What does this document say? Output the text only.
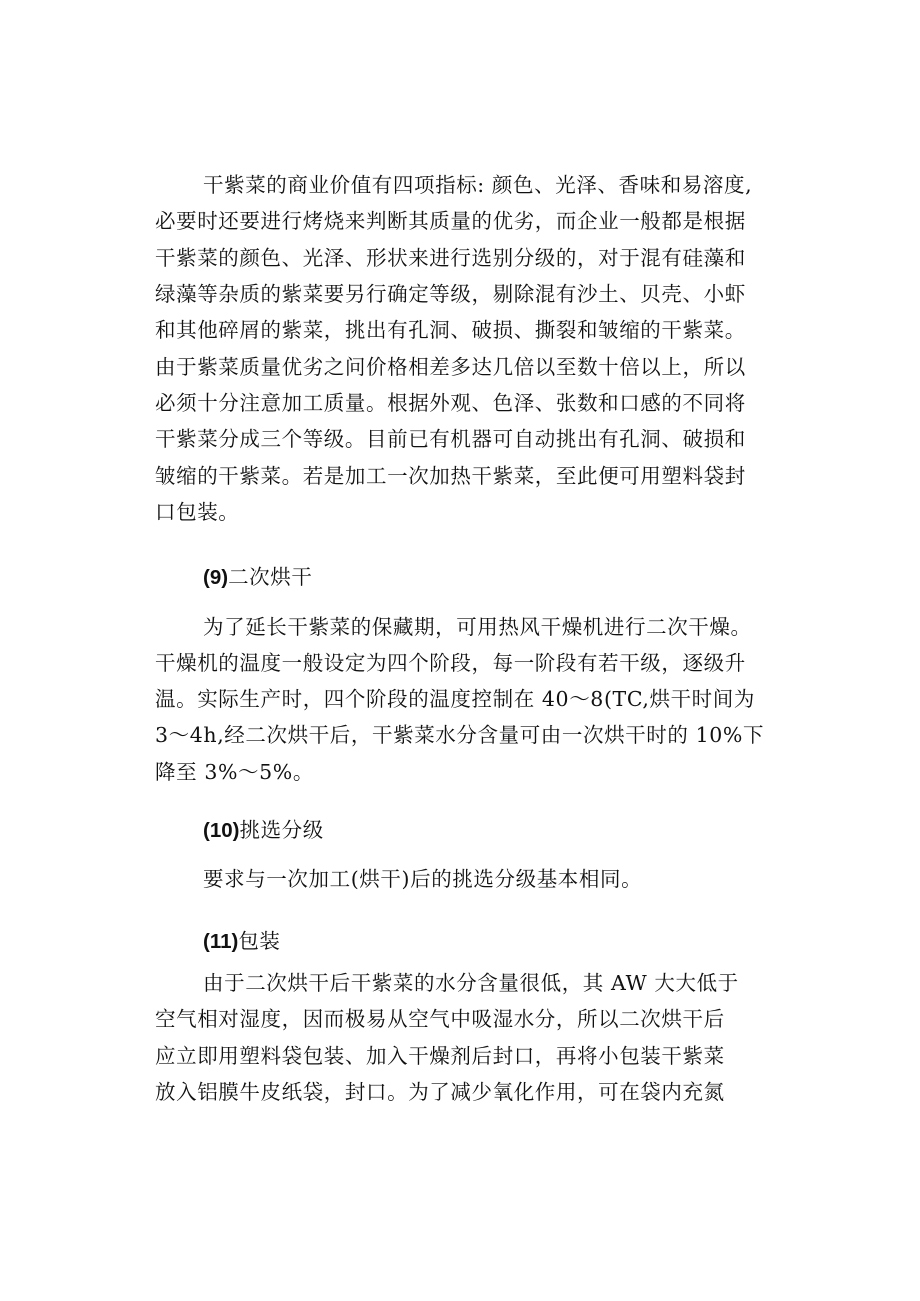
干紫菜的商业价值有四项指标: 颜色、光泽、香味和易溶度,
必要时还要进行烤烧来判断其质量的优劣，而企业一般都是根据
干紫菜的颜色、光泽、形状来进行选别分级的，对于混有硅藻和
绿藻等杂质的紫菜要另行确定等级，剔除混有沙土、贝壳、小虾
和其他碎屑的紫菜，挑出有孔洞、破损、撕裂和皱缩的干紫菜。
由于紫菜质量优劣之问价格相差多达几倍以至数十倍以上，所以
必须十分注意加工质量。根据外观、色泽、张数和口感的不同将
干紫菜分成三个等级。目前已有机器可自动挑出有孔洞、破损和
皱缩的干紫菜。若是加工一次加热干紫菜，至此便可用塑料袋封
口包装。
(9)二次烘干
为了延长干紫菜的保藏期，可用热风干燥机进行二次干燥。
干燥机的温度一般设定为四个阶段，每一阶段有若干级，逐级升
温。实际生产时，四个阶段的温度控制在 40～8(TC,烘干时间为
3～4h,经二次烘干后，干紫菜水分含量可由一次烘干时的 10%下
降至 3%～5%。
(10)挑选分级
要求与一次加工(烘干)后的挑选分级基本相同。
(11)包装
由于二次烘干后干紫菜的水分含量很低，其 AW 大大低于
空气相对湿度，因而极易从空气中吸湿水分，所以二次烘干后
应立即用塑料袋包装、加入干燥剂后封口，再将小包装干紫菜
放入铝膜牛皮纸袋，封口。为了减少氧化作用，可在袋内充氮
